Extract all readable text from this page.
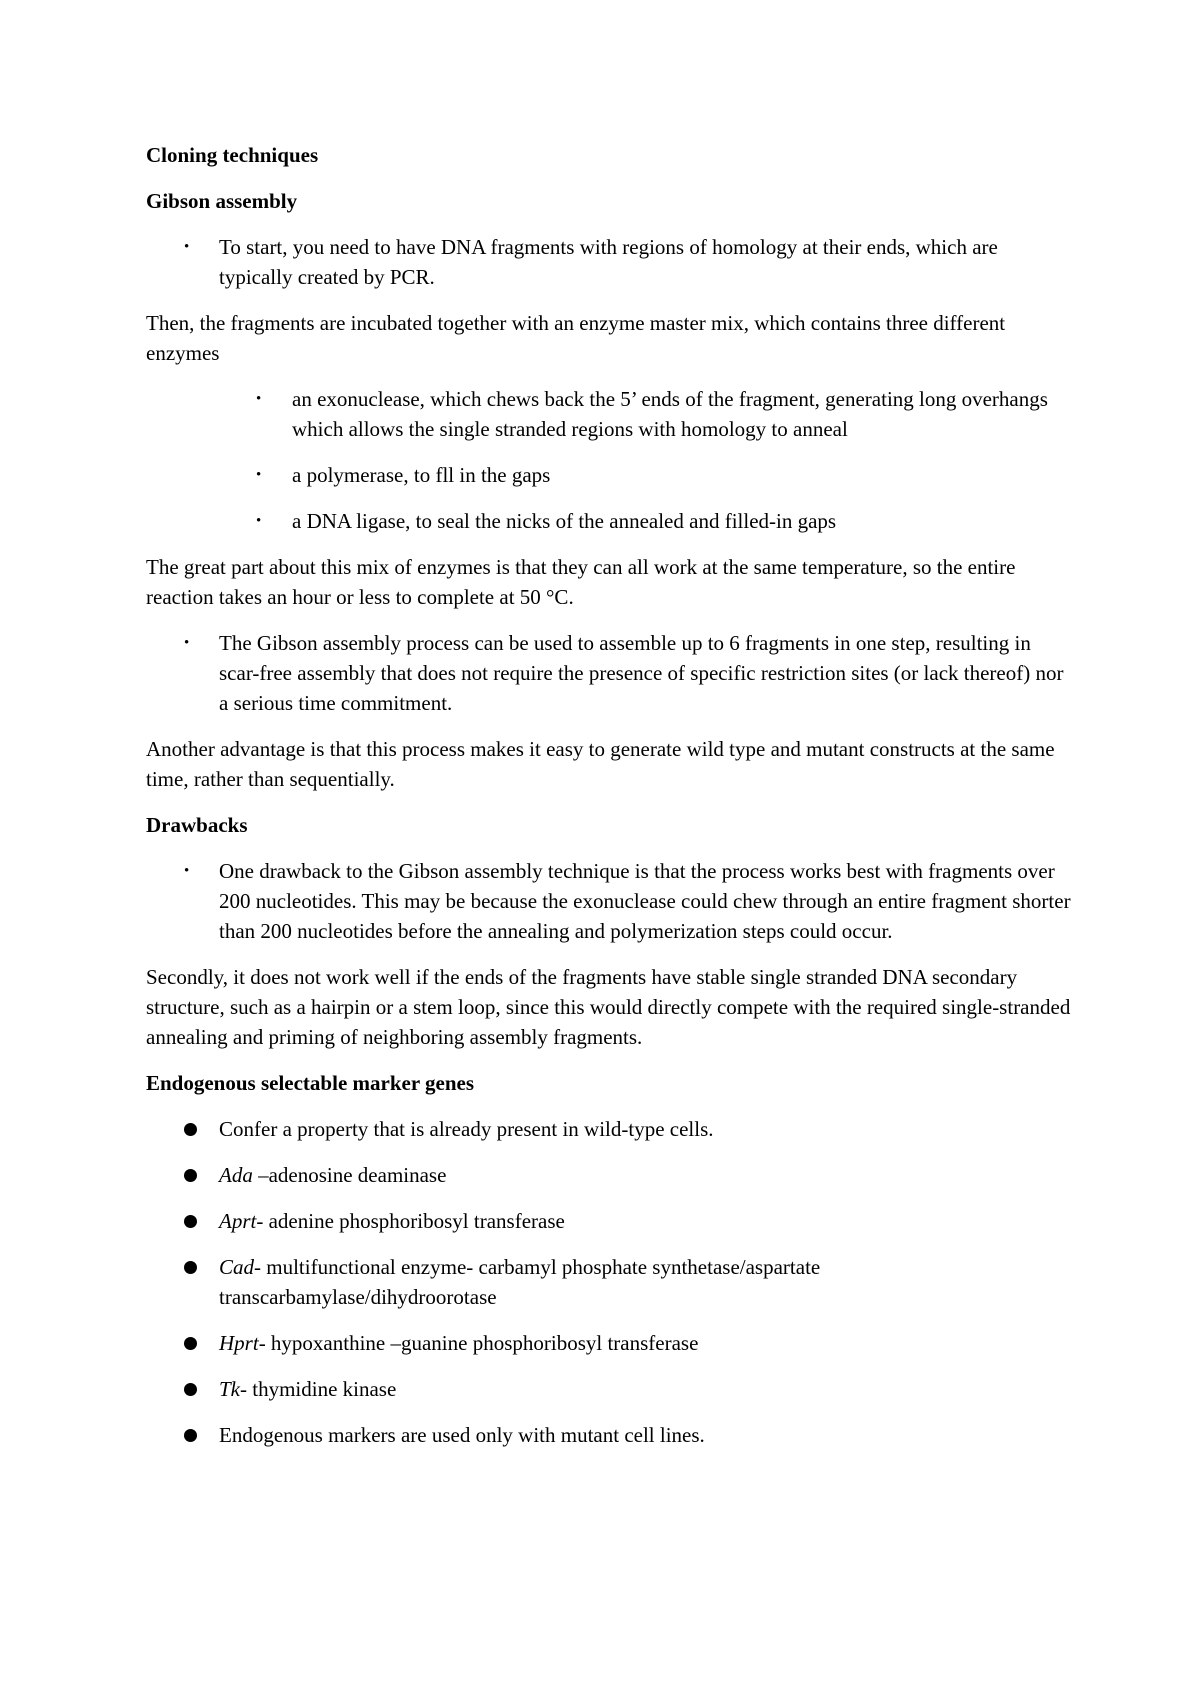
Cloning techniques
Gibson assembly
• To start, you need to have DNA fragments with regions of homology at their ends, which are typically created by PCR.
Then, the fragments are incubated together with an enzyme master mix, which contains three different enzymes
• an exonuclease, which chews back the 5’ ends of the fragment, generating long overhangs which allows the single stranded regions with homology to anneal
• a polymerase, to fll in the gaps
• a DNA ligase, to seal the nicks of the annealed and filled-in gaps
The great part about this mix of enzymes is that they can all work at the same temperature, so the entire reaction takes an hour or less to complete at 50 °C.
• The Gibson assembly process can be used to assemble up to 6 fragments in one step, resulting in scar-free assembly that does not require the presence of specific restriction sites (or lack thereof) nor a serious time commitment.
Another advantage is that this process makes it easy to generate wild type and mutant constructs at the same time, rather than sequentially.
Drawbacks
• One drawback to the Gibson assembly technique is that the process works best with fragments over 200 nucleotides. This may be because the exonuclease could chew through an entire fragment shorter than 200 nucleotides before the annealing and polymerization steps could occur.
Secondly, it does not work well if the ends of the fragments have stable single stranded DNA secondary structure, such as a hairpin or a stem loop, since this would directly compete with the required single-stranded annealing and priming of neighboring assembly fragments.
Endogenous selectable marker genes
Confer a property that is already present in wild-type cells.
Ada –adenosine deaminase
Aprt- adenine phosphoribosyl transferase
Cad- multifunctional enzyme- carbamyl phosphate synthetase/aspartate transcarbamylase/dihydroorotase
Hprt- hypoxanthine –guanine phosphoribosyl transferase
Tk- thymidine kinase
Endogenous markers are used only with mutant cell lines.
